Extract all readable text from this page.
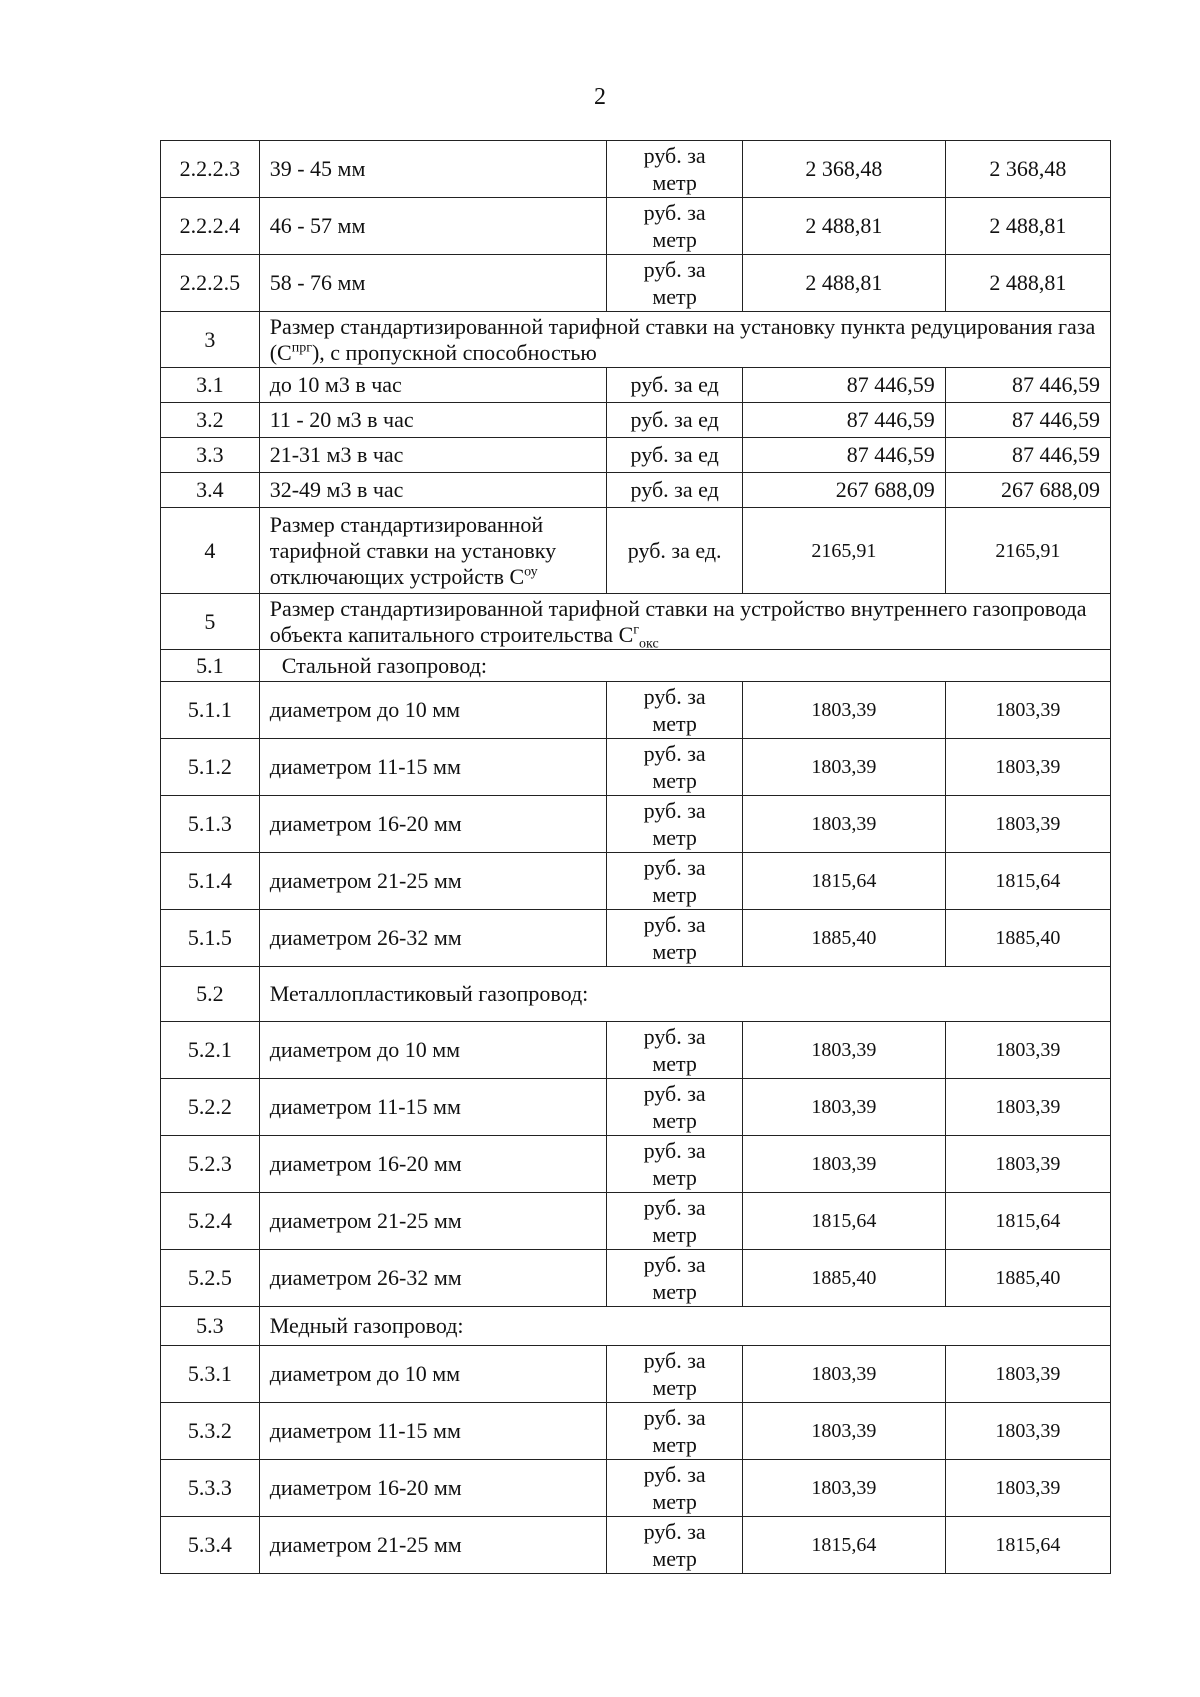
2
2.2.2.3	39 - 45 мм	руб. за
метр	2 368,48	2 368,48
2.2.2.4	46 - 57 мм	руб. за
метр	2 488,81	2 488,81
2.2.2.5	58 - 76 мм	руб. за
метр	2 488,81	2 488,81
3	Размер стандартизированной тарифной ставки на установку пункта редуцирования газа $(С^{прг})$, с пропускной способностью			
3.1	до 10 м3 в час	руб. за ед	87 446,59	87 446,59
3.2	11 - 20 м3 в час	руб. за ед	87 446,59	87 446,59
3.3	21-31 м3 в час	руб. за ед	87 446,59	87 446,59
3.4	32-49 м3 в час	руб. за ед	267 688,09	267 688,09
4	Размер стандартизированной тарифной ставки на установку отключающих устройств $С^{оу}$	руб. за ед.	2165,91	2165,91
5	Размер стандартизированной тарифной ставки на устройство внутреннего газопровода объекта капитального строительства $С^г_{окс}$
5.1	Стальной газопровод:			
5.1.1	диаметром до 10 мм	руб. за
метр	1803,39	1803,39
5.1.2	диаметром 11-15 мм	руб. за
метр	1803,39	1803,39
5.1.3	диаметром 16-20 мм	руб. за
метр	1803,39	1803,39
5.1.4	диаметром 21-25 мм	руб. за
метр	1815,64	1815,64
5.1.5	диаметром 26-32 мм	руб. за
метр	1885,40	1885,40
5.2	Металлопластиковый газопровод:			
5.2.1	диаметром до 10 мм	руб. за
метр	1803,39	1803,39
5.2.2	диаметром 11-15 мм	руб. за
метр	1803,39	1803,39
5.2.3	диаметром 16-20 мм	руб. за
метр	1803,39	1803,39
5.2.4	диаметром 21-25 мм	руб. за
метр	1815,64	1815,64
5.2.5	диаметром 26-32 мм	руб. за
метр	1885,40	1885,40
5.3	Медный газопровод:			
5.3.1	диаметром до 10 мм	руб. за
метр	1803,39	1803,39
5.3.2	диаметром 11-15 мм	руб. за
метр	1803,39	1803,39
5.3.3	диаметром 16-20 мм	руб. за
метр	1803,39	1803,39
5.3.4	диаметром 21-25 мм	руб. за
метр	1815,64	1815,64
